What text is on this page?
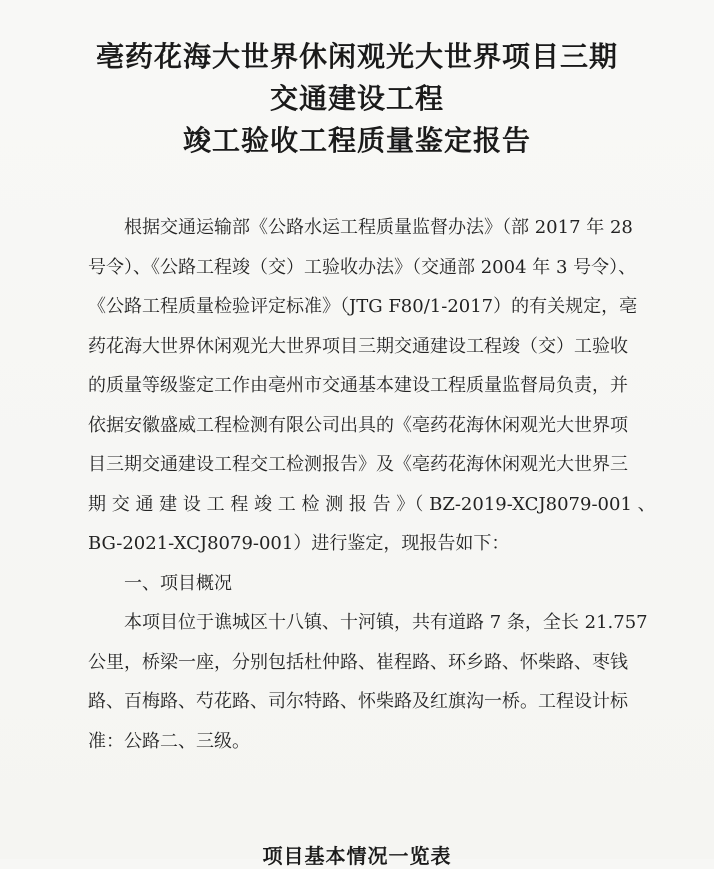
亳药花海大世界休闲观光大世界项目三期
交通建设工程
竣工验收工程质量鉴定报告
根据交通运输部《公路水运工程质量监督办法》（部 2017 年 28
号令）、《公路工程竣（交）工验收办法》（交通部 2004 年 3 号令）、
《公路工程质量检验评定标准》（JTG F80/1-2017）的有关规定，亳
药花海大世界休闲观光大世界项目三期交通建设工程竣（交）工验收
的质量等级鉴定工作由亳州市交通基本建设工程质量监督局负责，并
依据安徽盛威工程检测有限公司出具的《亳药花海休闲观光大世界项
目三期交通建设工程交工检测报告》及《亳药花海休闲观光大世界三
期 交 通 建 设 工 程 竣 工 检 测 报 告 》（ BZ-2019-XCJ8079-001 、
BG-2021-XCJ8079-001）进行鉴定，现报告如下：
一、项目概况
本项目位于谯城区十八镇、十河镇，共有道路 7 条，全长 21.757
公里，桥梁一座，分别包括杜仲路、崔程路、环乡路、怀柴路、枣钱
路、百梅路、芍花路、司尔特路、怀柴路及红旗沟一桥。工程设计标
准：公路二、三级。
项目基本情况一览表
